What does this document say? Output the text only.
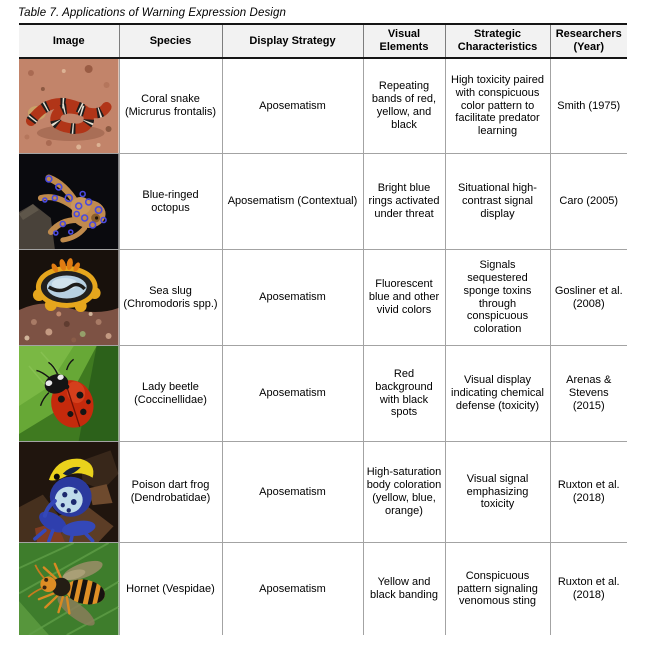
Table 7. Applications of Warning Expression Design
Image	Species	Display Strategy	Visual Elements	Strategic Characteristics	Researchers (Year)

	Coral snake (Micrurus frontalis)	Aposematism	Repeating bands of red, yellow, and black	High toxicity paired with conspicuous color pattern to facilitate predator learning	Smith (1975)

	Blue-ringed octopus	Aposematism (Contextual)	Bright blue rings activated under threat	Situational high-contrast signal display	Caro (2005)

	Sea slug (Chromodoris spp.)	Aposematism	Fluorescent blue and other vivid colors	Signals sequestered sponge toxins through conspicuous coloration	Gosliner et al. (2008)

	Lady beetle (Coccinellidae)	Aposematism	Red background with black spots	Visual display indicating chemical defense (toxicity)	Arenas & Stevens (2015)

	Poison dart frog (Dendrobatidae)	Aposematism	High-saturation body coloration (yellow, blue, orange)	Visual signal emphasizing toxicity	Ruxton et al. (2018)

	Hornet (Vespidae)	Aposematism	Yellow and black banding	Conspicuous pattern signaling venomous sting	Ruxton et al. (2018)
